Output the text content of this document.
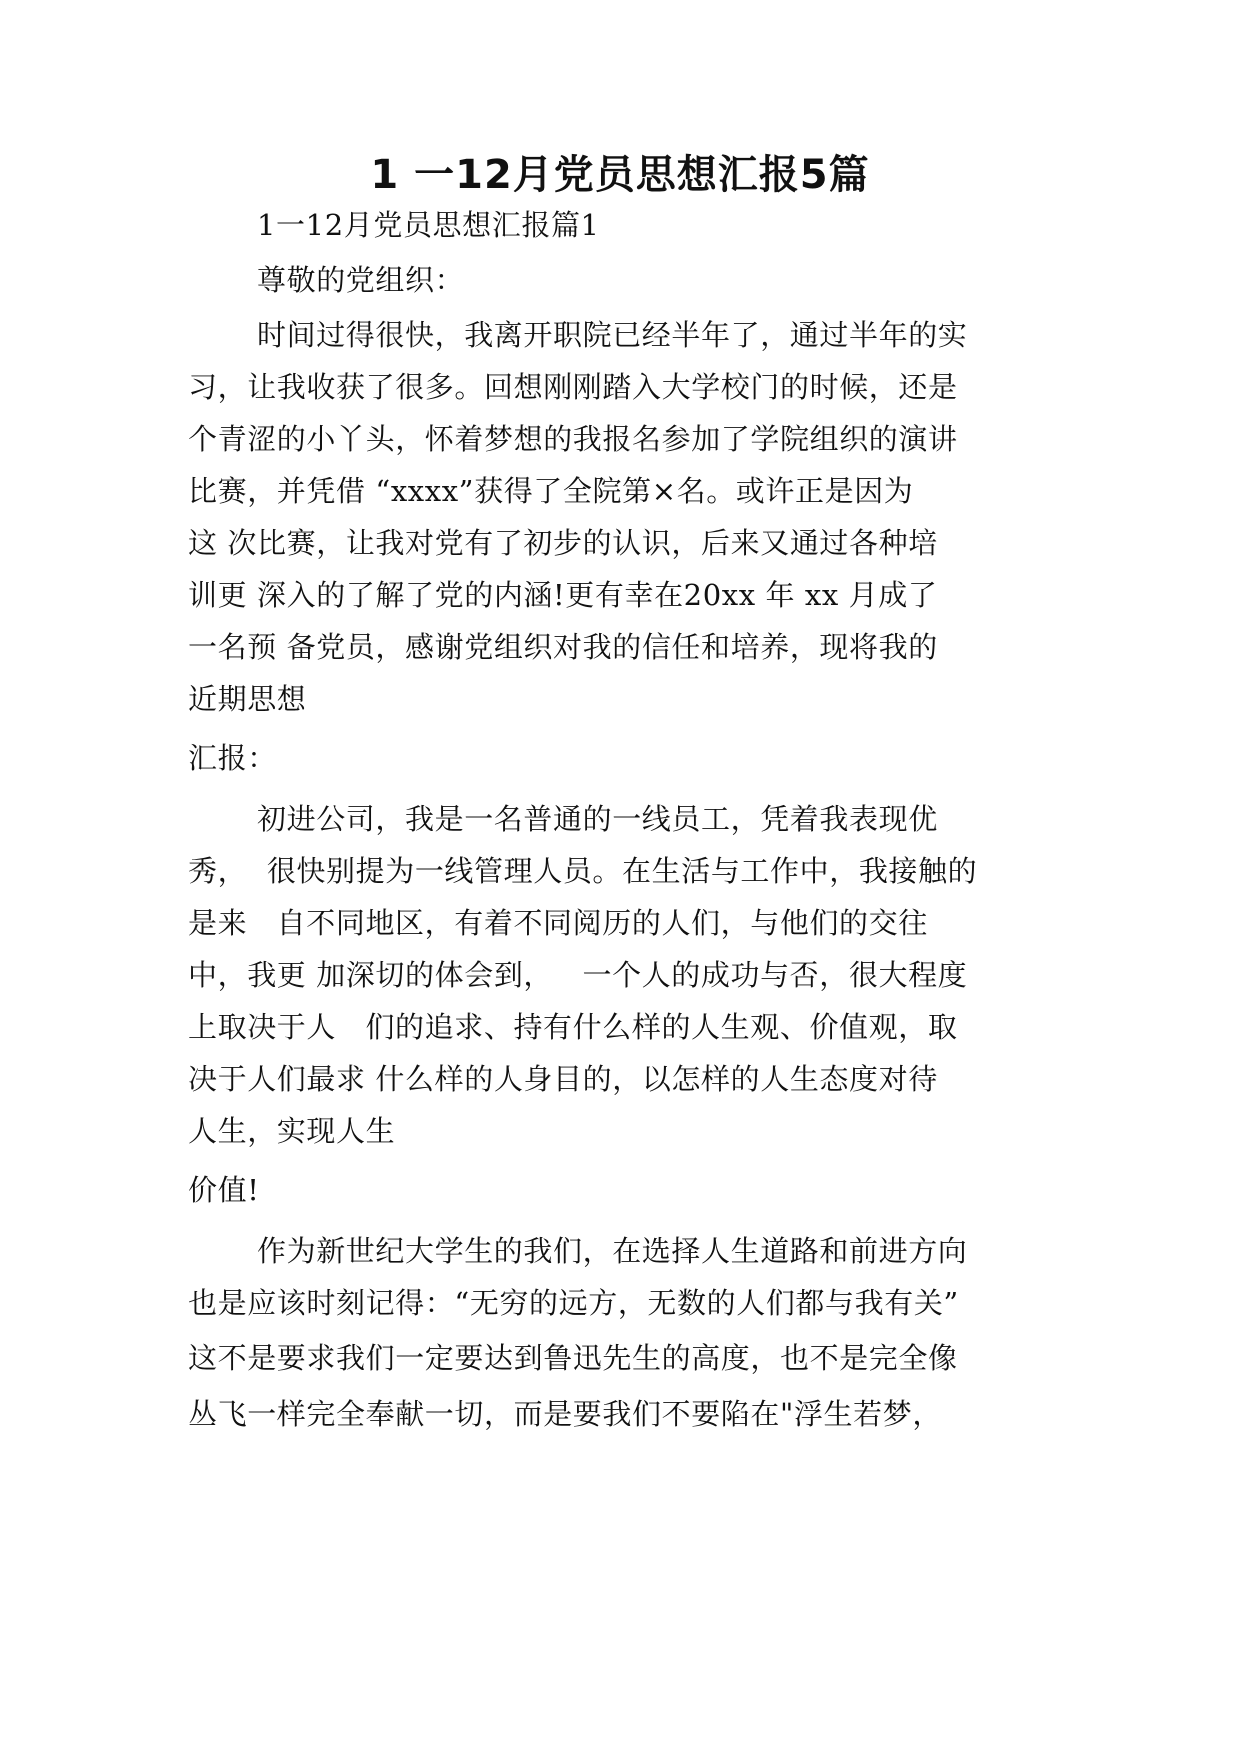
1 一12月党员思想汇报5篇
1一12月党员思想汇报篇1
尊敬的党组织：
时间过得很快，我离开职院已经半年了，通过半年的实
习，让我收获了很多。回想刚刚踏入大学校门的时候，还是
个青涩的小丫头，怀着梦想的我报名参加了学院组织的演讲
比赛，并凭借 “xxxx”获得了全院第×名。或许正是因为
这 次比赛，让我对党有了初步的认识，后来又通过各种培
训更 深入的了解了党的内涵!更有幸在20xx 年 xx 月成了
一名预 备党员，感谢党组织对我的信任和培养，现将我的
近期思想
汇报：
初进公司，我是一名普通的一线员工，凭着我表现优
秀，  很快别提为一线管理人员。在生活与工作中，我接触的
是来   自不同地区，有着不同阅历的人们，与他们的交往
中，我更 加深切的体会到，   一个人的成功与否，很大程度
上取决于人   们的追求、持有什么样的人生观、价值观，取
决于人们最求 什么样的人身目的，以怎样的人生态度对待
人生，实现人生
价值!
作为新世纪大学生的我们，在选择人生道路和前进方向
也是应该时刻记得：“无穷的远方，无数的人们都与我有关”
这不是要求我们一定要达到鲁迅先生的高度，也不是完全像
丛飞一样完全奉献一切，而是要我们不要陷在"浮生若梦，
